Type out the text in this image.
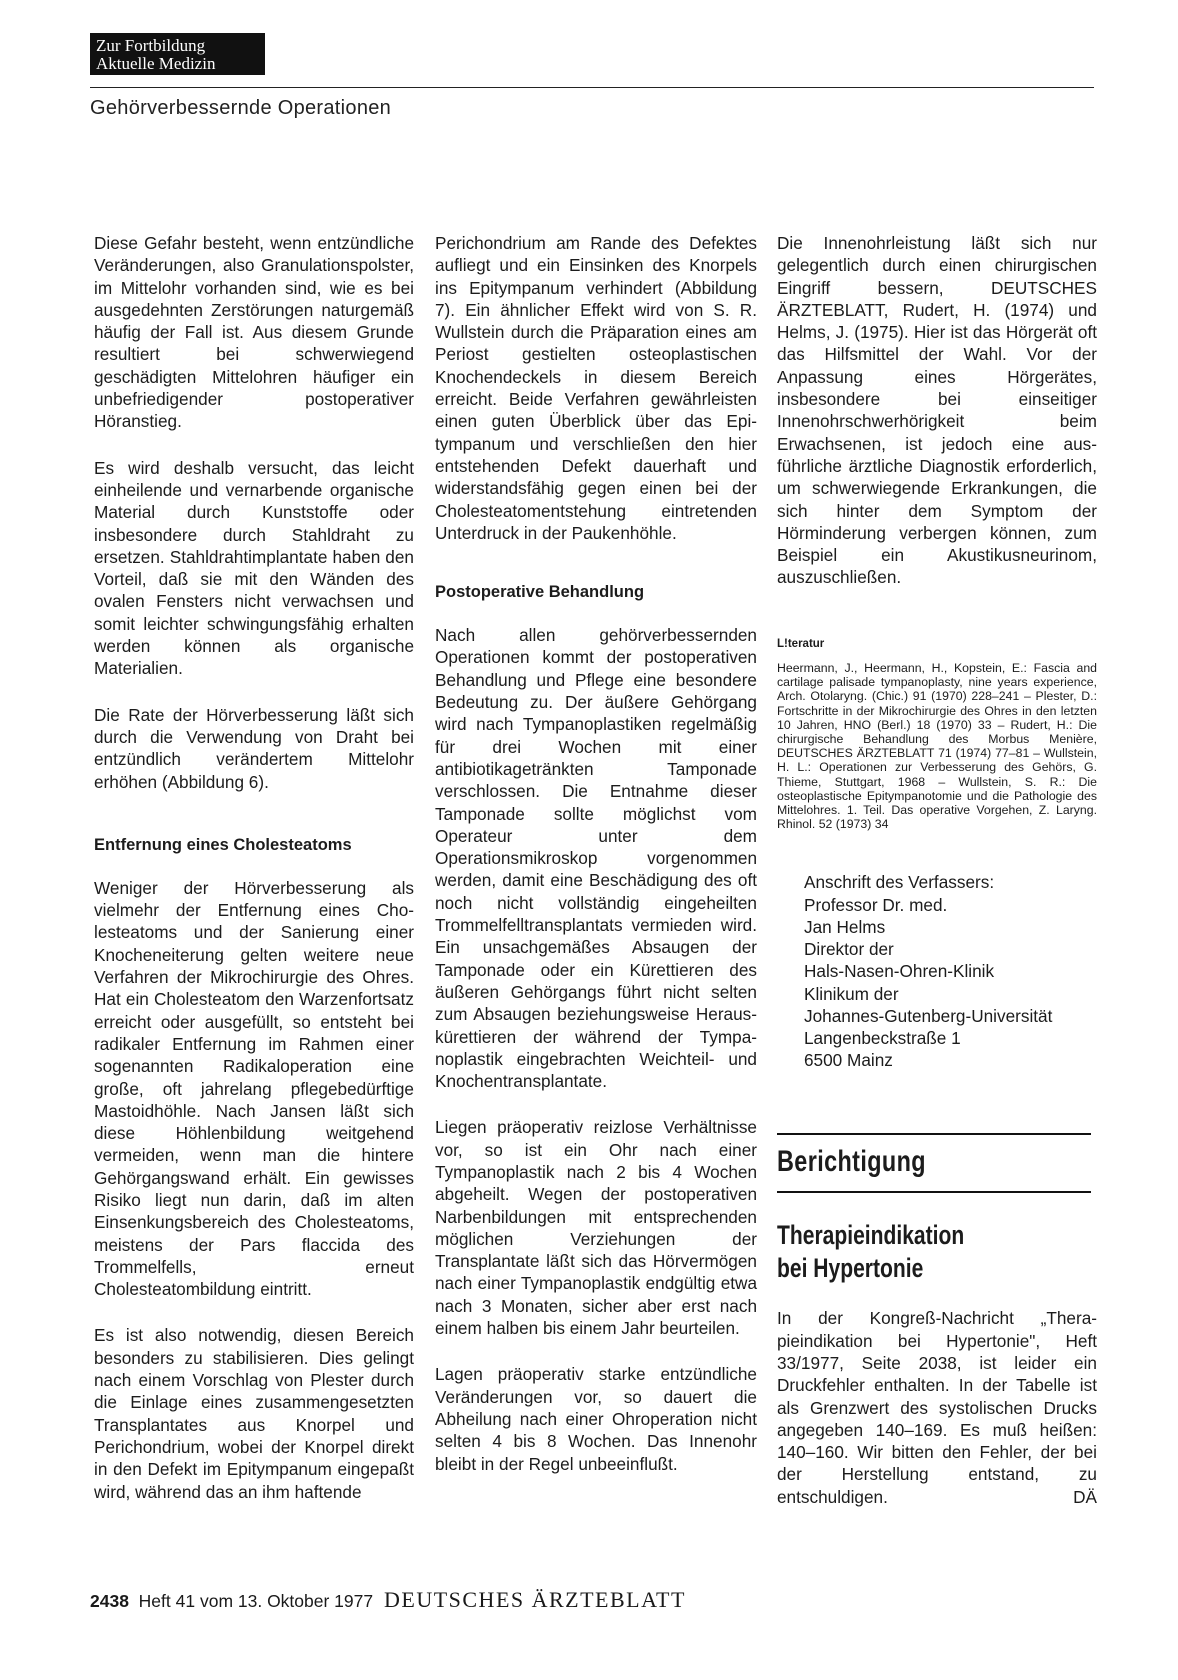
Zur Fortbildung
Aktuelle Medizin
Gehörverbessernde Operationen

Diese Gefahr besteht, wenn entzündliche Veränderungen, also Granulationspolster, im Mittelohr vorhanden sind, wie es bei ausgedehnten Zerstörungen naturgemäß häufig der Fall ist. Aus diesem Grunde resultiert bei schwerwiegend geschädigten Mittelohren häufiger ein unbefriedigender postoperativer Höranstieg.

Es wird deshalb versucht, das leicht einheilende und vernarbende organische Material durch Kunststoffe oder insbesondere durch Stahldraht zu ersetzen. Stahldrahtimplantate haben den Vorteil, daß sie mit den Wänden des ovalen Fensters nicht verwachsen und somit leichter schwingungsfähig erhalten werden können als organische Materialien.

Die Rate der Hörverbesserung läßt sich durch die Verwendung von Draht bei entzündlich verändertem Mittelohr erhöhen (Abbildung 6).

Entfernung eines Cholesteatoms

Weniger der Hörverbesserung als vielmehr der Entfernung eines Cholesteatoms und der Sanierung einer Knocheneiterung gelten weitere neue Verfahren der Mikrochirurgie des Ohres. Hat ein Cholesteatom den Warzenfortsatz erreicht oder ausgefüllt, so entsteht bei radikaler Entfernung im Rahmen einer sogenannten Radikaloperation eine große, oft jahrelang pflegebedürftige Mastoidhöhle. Nach Jansen läßt sich diese Höhlenbildung weitgehend vermeiden, wenn man die hintere Gehörgangswand erhält. Ein gewisses Risiko liegt nun darin, daß im alten Einsenkungsbereich des Cholesteatoms, meistens der Pars flaccida des Trommelfells, erneut Cholesteatombildung eintritt.

Es ist also notwendig, diesen Bereich besonders zu stabilisieren. Dies gelingt nach einem Vorschlag von Plester durch die Einlage eines zusammengesetzten Transplantates aus Knorpel und Perichondrium, wobei der Knorpel direkt in den Defekt im Epitympanum eingepaßt wird, während das an ihm haftende

Perichondrium am Rande des Defektes aufliegt und ein Einsinken des Knorpels ins Epitympanum verhindert (Abbildung 7). Ein ähnlicher Effekt wird von S. R. Wullstein durch die Präparation eines am Periost gestielten osteoplastischen Knochendeckels in diesem Bereich erreicht. Beide Verfahren gewährleisten einen guten Überblick über das Epitympanum und verschließen den hier entstehenden Defekt dauerhaft und widerstandsfähig gegen einen bei der Cholesteatomentstehung eintretenden Unterdruck in der Paukenhöhle.

Postoperative Behandlung

Nach allen gehörverbessernden Operationen kommt der postoperativen Behandlung und Pflege eine besondere Bedeutung zu. Der äußere Gehörgang wird nach Tympanoplastiken regelmäßig für drei Wochen mit einer antibiotikagetränkten Tamponade verschlossen. Die Entnahme dieser Tamponade sollte möglichst vom Operateur unter dem Operationsmikroskop vorgenommen werden, damit eine Beschädigung des oft noch nicht vollständig eingeheilten Trommelfelltransplantats vermieden wird. Ein unsachgemäßes Absaugen der Tamponade oder ein Kürettieren des äußeren Gehörgangs führt nicht selten zum Absaugen beziehungsweise Herauskürettieren der während der Tympanoplastik eingebrachten Weichteil- und Knochentransplantate.

Liegen präoperativ reizlose Verhältnisse vor, so ist ein Ohr nach einer Tympanoplastik nach 2 bis 4 Wochen abgeheilt. Wegen der postoperativen Narbenbildungen mit entsprechenden möglichen Verziehungen der Transplantate läßt sich das Hörvermögen nach einer Tympanoplastik endgültig etwa nach 3 Monaten, sicher aber erst nach einem halben bis einem Jahr beurteilen.

Lagen präoperativ starke entzündliche Veränderungen vor, so dauert die Abheilung nach einer Ohroperation nicht selten 4 bis 8 Wochen. Das Innenohr bleibt in der Regel unbeeinflußt.

Die Innenohrleistung läßt sich nur gelegentlich durch einen chirurgischen Eingriff bessern, DEUTSCHES ÄRZTEBLATT, Rudert, H. (1974) und Helms, J. (1975). Hier ist das Hörgerät oft das Hilfsmittel der Wahl. Vor der Anpassung eines Hörgerätes, insbesondere bei einseitiger Innenohrschwerhörigkeit beim Erwachsenen, ist jedoch eine ausführliche ärztliche Diagnostik erforderlich, um schwerwiegende Erkrankungen, die sich hinter dem Symptom der Hörminderung verbergen können, zum Beispiel ein Akustikusneurinom, auszuschließen.

L!teratur

Heermann, J., Heermann, H., Kopstein, E.: Fascia and cartilage palisade tympanoplasty, nine years experience, Arch. Otolaryng. (Chic.) 91 (1970) 228–241 – Plester, D.: Fortschritte in der Mikrochirurgie des Ohres in den letzten 10 Jahren, HNO (Berl.) 18 (1970) 33 – Rudert, H.: Die chirurgische Behandlung des Morbus Menière, DEUTSCHES ÄRZTEBLATT 71 (1974) 77–81 – Wullstein, H. L.: Operationen zur Verbesserung des Gehörs, G. Thieme, Stuttgart, 1968 – Wullstein, S. R.: Die osteoplastische Epitympanotomie und die Pathologie des Mittelohres. 1. Teil. Das operative Vorgehen, Z. Laryng. Rhinol. 52 (1973) 34

Anschrift des Verfassers:
Professor Dr. med.
Jan Helms
Direktor der
Hals-Nasen-Ohren-Klinik
Klinikum der
Johannes-Gutenberg-Universität
Langenbeckstraße 1
6500 Mainz
Berichtigung
Therapieindikation
bei Hypertonie

In der Kongreß-Nachricht „Therapieindikation bei Hypertonie", Heft 33/1977, Seite 2038, ist leider ein Druckfehler enthalten. In der Tabelle ist als Grenzwert des systolischen Drucks angegeben 140–169. Es muß heißen: 140–160. Wir bitten den Fehler, der bei der Herstellung entstand, zu entschuldigen.	DÄ

2438 Heft 41 vom 13. Oktober 1977 DEUTSCHES ÄRZTEBLATT
